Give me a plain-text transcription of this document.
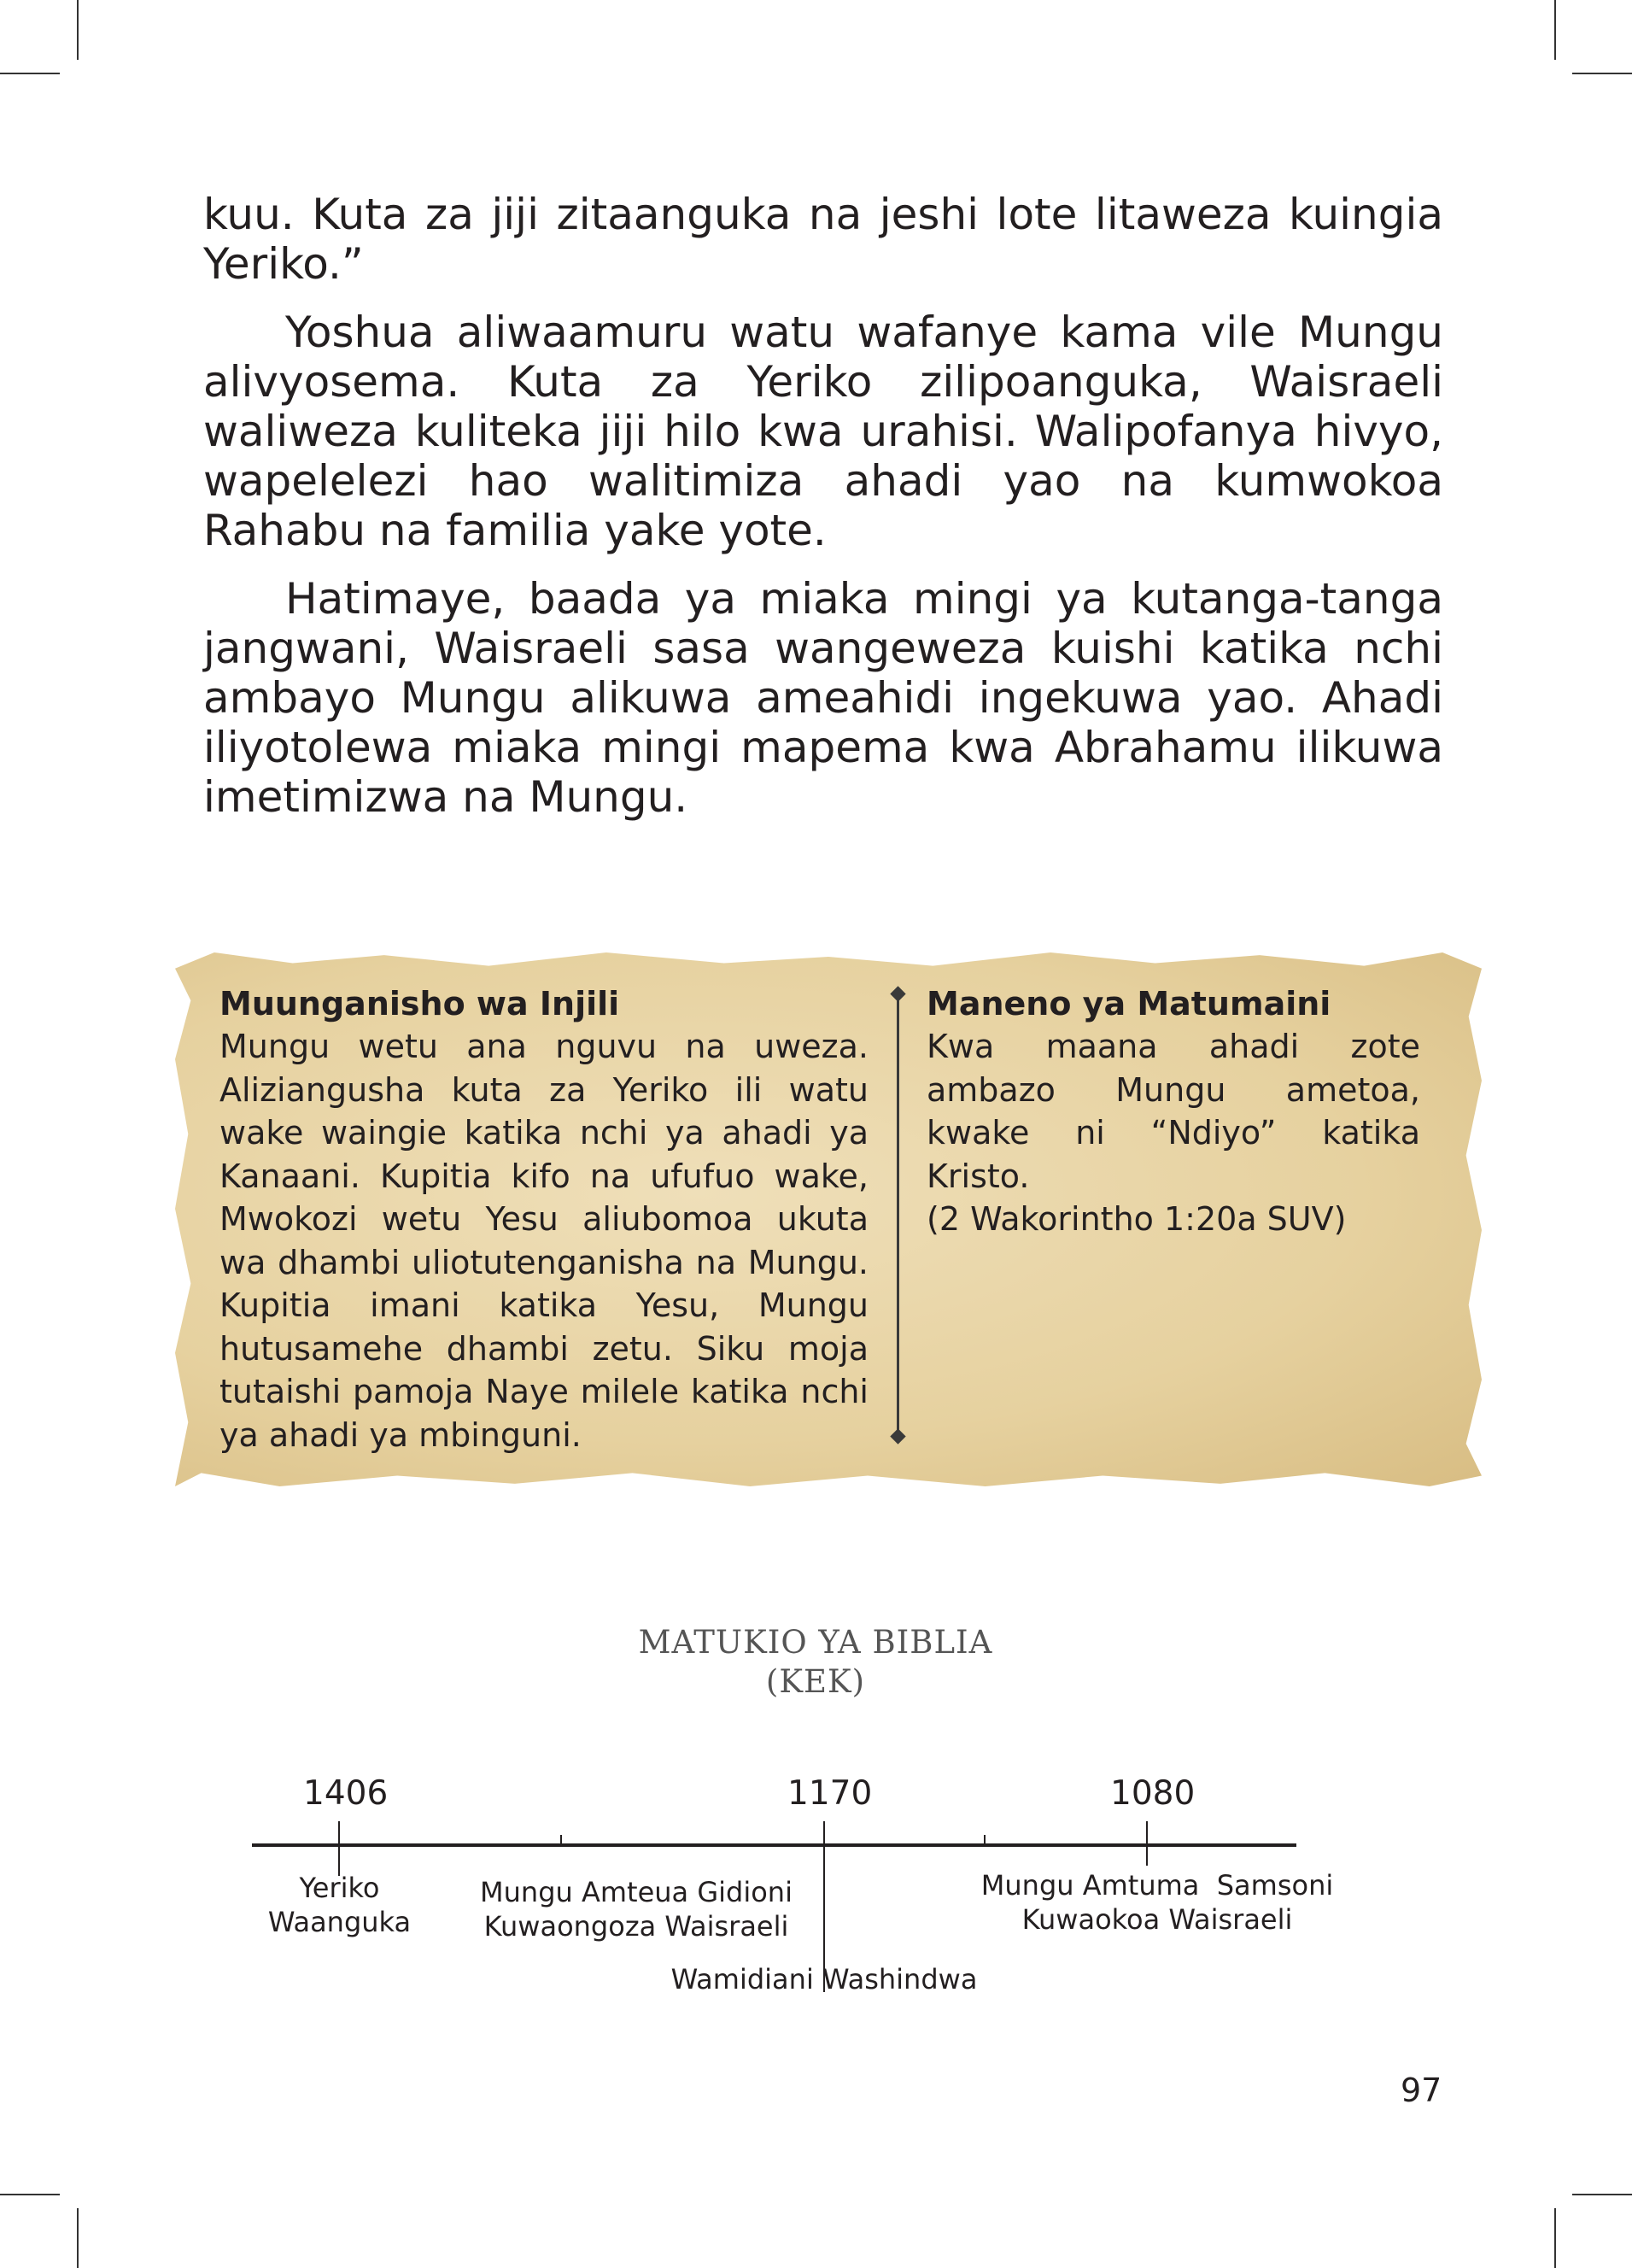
kuu. Kuta za jiji zitaanguka na jeshi lote litaweza kuingia Yeriko.”

Yoshua aliwaamuru watu wafanye kama vile Mungu alivyosema. Kuta za Yeriko zilipoanguka, Waisraeli waliweza kuliteka jiji hilo kwa urahisi. Walipofanya hivyo, wapelelezi hao walitimiza ahadi yao na kumwokoa Rahabu na familia yake yote.

Hatimaye, baada ya miaka mingi ya kutanga-tanga jangwani, Waisraeli sasa wangeweza kuishi katika nchi ambayo Mungu alikuwa ameahidi ingekuwa yao. Ahadi iliyotolewa miaka mingi mapema kwa Abrahamu ilikuwa imetimizwa na Mungu.

Muunganisho wa Injili

Mungu wetu ana nguvu na uweza. Aliziangusha kuta za Yeriko ili watu wake waingie katika nchi ya ahadi ya Kanaani. Kupitia kifo na ufufuo wake, Mwokozi wetu Yesu aliubomoa ukuta wa dhambi uliotutenganisha na Mungu. Kupitia imani katika Yesu, Mungu hutusamehe dhambi zetu. Siku moja tutaishi pamoja Naye milele katika nchi ya ahadi ya mbinguni.

Maneno ya Matumaini

Kwa maana ahadi zote ambazo Mungu ametoa, kwake ni “Ndiyo” katika Kristo.

(2 Wakorintho 1:20a SUV)

MATUKIO YA BIBLIA
(KEK)
1406	1170	1080
Yeriko
Waanguka
Mungu Amteua Gidioni
Kuwaongoza Waisraeli
Wamidiani Washindwa
Mungu Amtuma  Samsoni
Kuwaokoa Waisraeli
97
